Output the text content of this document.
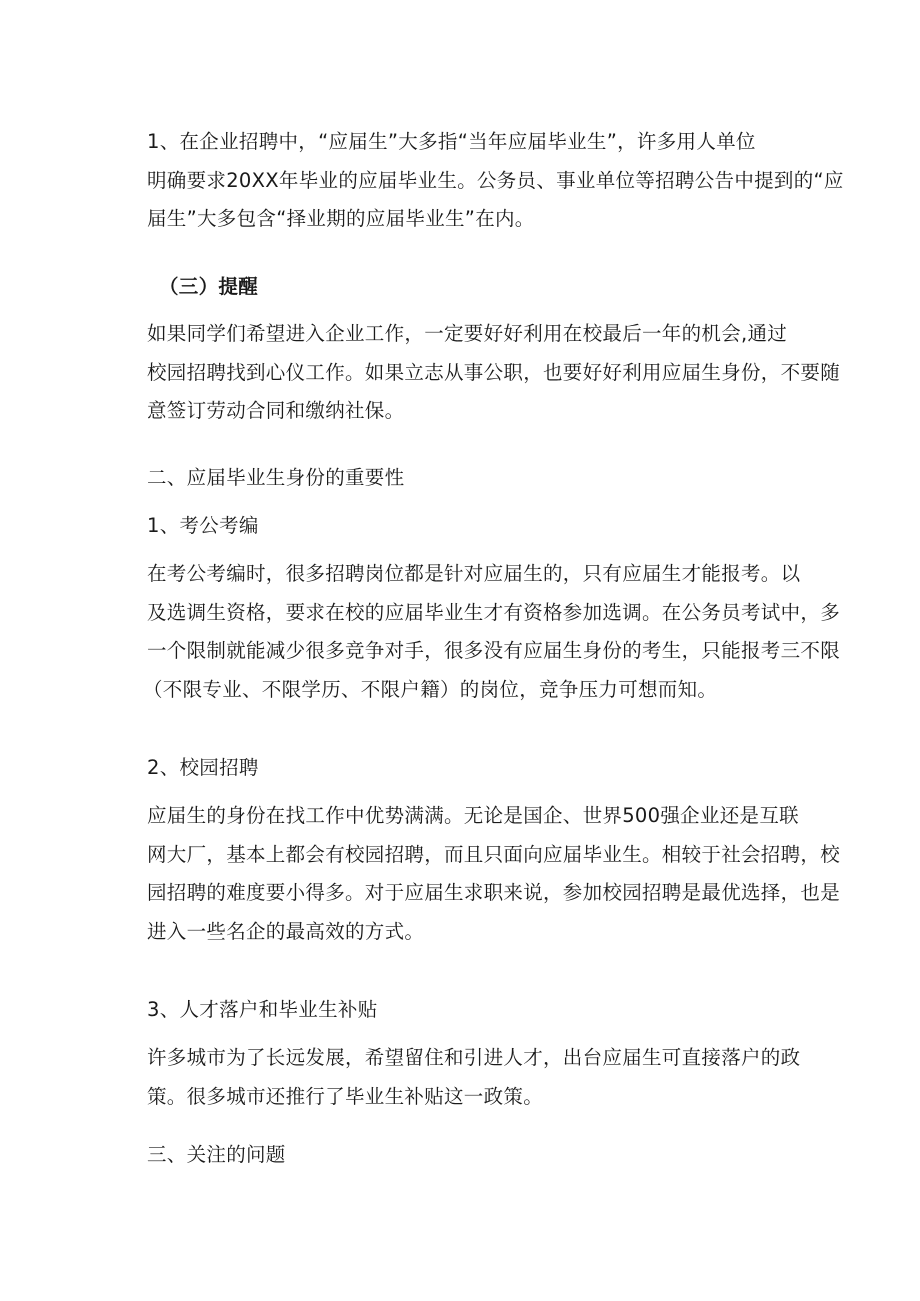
1、在企业招聘中，“应届生”大多指“当年应届毕业生”，许多用人单位
明确要求20XX年毕业的应届毕业生。公务员、事业单位等招聘公告中提到的“应
届生”大多包含“择业期的应届毕业生”在内。
（三）提醒
如果同学们希望进入企业工作，一定要好好利用在校最后一年的机会,通过
校园招聘找到心仪工作。如果立志从事公职，也要好好利用应届生身份，不要随
意签订劳动合同和缴纳社保。
二、应届毕业生身份的重要性
1、考公考编
在考公考编时，很多招聘岗位都是针对应届生的，只有应届生才能报考。以
及选调生资格，要求在校的应届毕业生才有资格参加选调。在公务员考试中，多
一个限制就能减少很多竞争对手，很多没有应届生身份的考生，只能报考三不限
（不限专业、不限学历、不限户籍）的岗位，竞争压力可想而知。
2、校园招聘
应届生的身份在找工作中优势满满。无论是国企、世界500强企业还是互联
网大厂，基本上都会有校园招聘，而且只面向应届毕业生。相较于社会招聘，校
园招聘的难度要小得多。对于应届生求职来说，参加校园招聘是最优选择，也是
进入一些名企的最高效的方式。
3、人才落户和毕业生补贴
许多城市为了长远发展，希望留住和引进人才，出台应届生可直接落户的政
策。很多城市还推行了毕业生补贴这一政策。
三、关注的问题
